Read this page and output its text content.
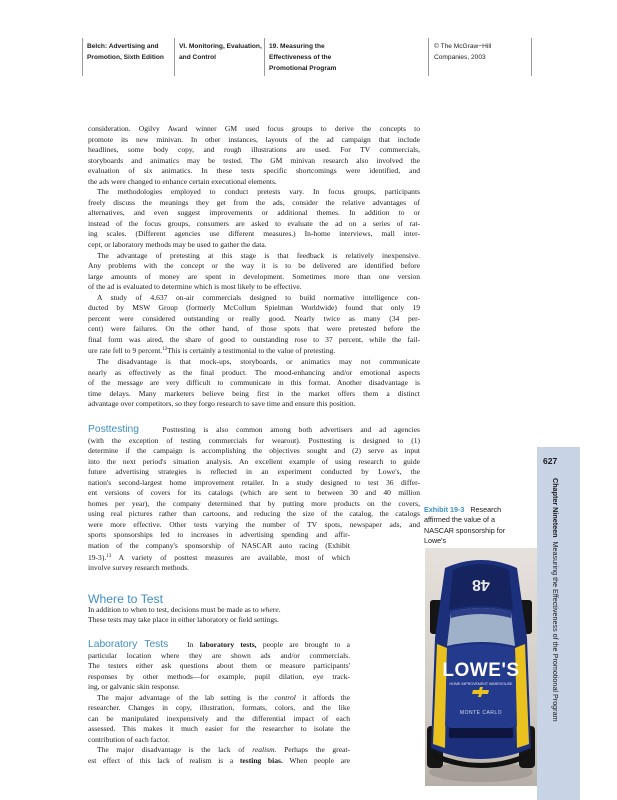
Belch: Advertising and
Promotion, Sixth Edition
VI. Monitoring, Evaluation,
and Control
19. Measuring the
Effectiveness of the
Promotional Program
© The McGraw−Hill
Companies, 2003

consideration. Ogilvy Award winner GM used focus groups to derive the concepts to
promote its new minivan. In other instances, layouts of the ad campaign that include
headlines, some body copy, and rough illustrations are used. For TV commercials,
storyboards and animatics may be tested. The GM minivan research also involved the
evaluation of six animatics. In these tests specific shortcomings were identified, and
the ads were changed to enhance certain executional elements.

The methodologies employed to conduct pretests vary. In focus groups, participants
freely discuss the meanings they get from the ads, consider the relative advantages of
alternatives, and even suggest improvements or additional themes. In addition to or
instead of the focus groups, consumers are asked to evaluate the ad on a series of rat-
ing scales. (Different agencies use different measures.) In-home interviews, mall inter-
cept, or laboratory methods may be used to gather the data.

The advantage of pretesting at this stage is that feedback is relatively inexpensive.
Any problems with the concept or the way it is to be delivered are identified before
large amounts of money are spent in development. Sometimes more than one version
of the ad is evaluated to determine which is most likely to be effective.

A study of 4,637 on-air commercials designed to build normative intelligence con-
ducted by MSW Group (formerly McCollum Spielman Worldwide) found that only 19
percent were considered outstanding or really good. Nearly twice as many (34 per-
cent) were failures. On the other hand, of those spots that were pretested before the
final form was aired, the share of good to outstanding rose to 37 percent, while the fail-
ure rate fell to 9 percent.$^{12}$This is certainly a testimonial to the value of pretesting.

The disadvantage is that mock-ups, storyboards, or animatics may not communicate
nearly as effectively as the final product. The mood-enhancing and/or emotional aspects
of the message are very difficult to communicate in this format. Another disadvantage is
time delays. Many marketers believe being first in the market offers them a distinct
advantage over competitors, so they forgo research to save time and ensure this position.

Posttesting	Posttesting is also common among both advertisers and ad agencies
(with the exception of testing commercials for wearout). Posttesting is designed to (1)
determine if the campaign is accomplishing the objectives sought and (2) serve as input
into the next period's situation analysis. An excellent example of using research to guide
future advertising strategies is reflected in an experiment conducted by Lowe's, the
nation's second-largest home improvement retailer. In a study designed to test 36 differ-
ent versions of covers for its catalogs (which are sent to between 30 and 40 million
homes per year), the company determined that by putting more products on the covers,
using real pictures rather than cartoons, and reducing the size of the catalog, the catalogs
were more effective. Other tests varying the number of TV spots, newspaper ads, and
sports sponsorships led to increases in advertising spending and affir-
mation of the company's sponsorship of NASCAR auto racing (Exhibit
19-3).$^{13}$ A variety of posttest measures are available, most of which
involve survey research methods.
Where to Test
In addition to when to test, decisions must be made as to where.
These tests may take place in either laboratory or field settings.
Laboratory Tests In laboratory tests, people are brought to a
particular location where they are shown ads and/or commercials.
The testers either ask questions about them or measure participants'
responses by other methods—for example, pupil dilation, eye track-
ing, or galvanic skin response.
The major advantage of the lab setting is the control it affords the
researcher. Changes in copy, illustration, formats, colors, and the like
can be manipulated inexpensively and the differential impact of each
assessed. This makes it much easier for the researcher to isolate the
contribution of each factor.
The major disadvantage is the lack of realism. Perhaps the great-
est effect of this lack of realism is a testing bias. When people are
627
Chapter Nineteen  Measuring the Effectiveness of the Promotional Program
Exhibit 19-3 Research
affirmed the value of a
NASCAR sponsorship for
Lowe's
48
LOWE'S
HOME IMPROVEMENT WAREHOUSE
MONTE CARLO
